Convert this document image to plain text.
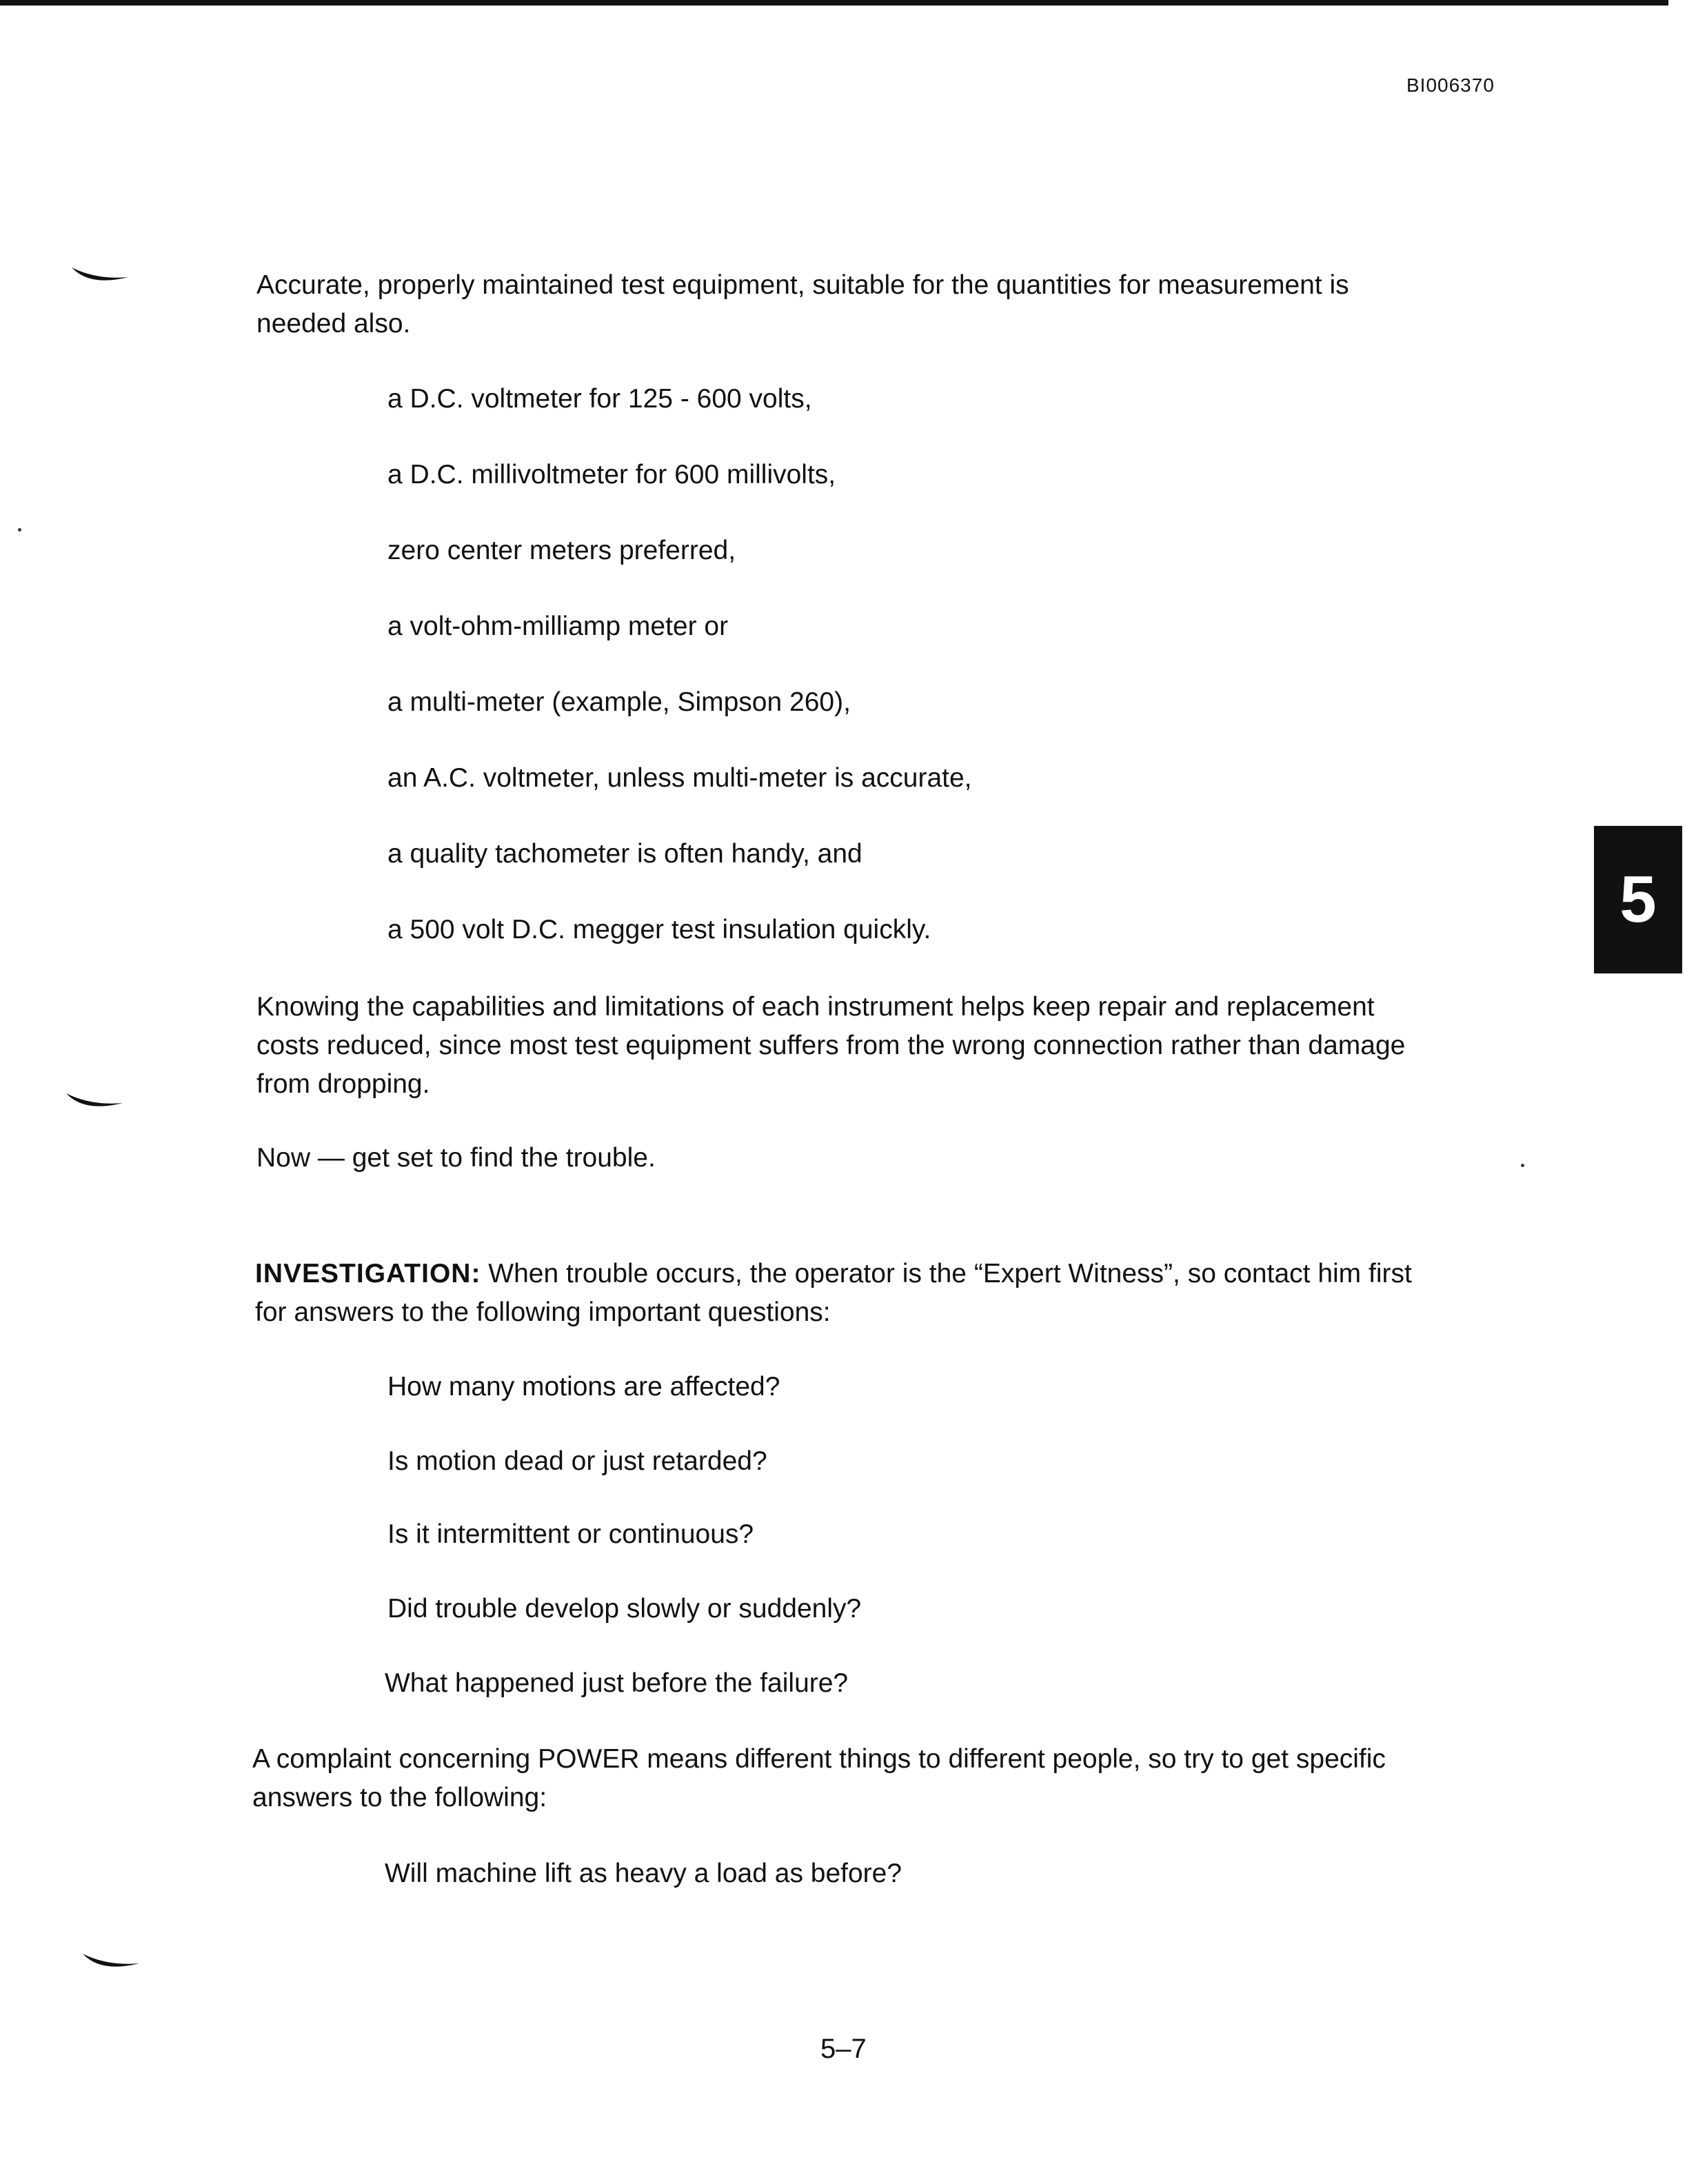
BI006370
Accurate, properly maintained test equipment, suitable for the quantities for measurement is needed also.
a D.C. voltmeter for 125 - 600 volts,
a D.C. millivoltmeter for 600 millivolts,
zero center meters preferred,
a volt-ohm-milliamp meter or
a multi-meter (example, Simpson 260),
an A.C. voltmeter, unless multi-meter is accurate,
a quality tachometer is often handy, and
a 500 volt D.C. megger test insulation quickly.	5
Knowing the capabilities and limitations of each instrument helps keep repair and replacement costs reduced, since most test equipment suffers from the wrong connection rather than damage from dropping.
Now — get set to find the trouble.
INVESTIGATION: When trouble occurs, the operator is the “Expert Witness”, so contact him first for answers to the following important questions:
How many motions are affected?
Is motion dead or just retarded?
Is it intermittent or continuous?
Did trouble develop slowly or suddenly?
What happened just before the failure?
A complaint concerning POWER means different things to different people, so try to get specific answers to the following:
Will machine lift as heavy a load as before?
5–7
